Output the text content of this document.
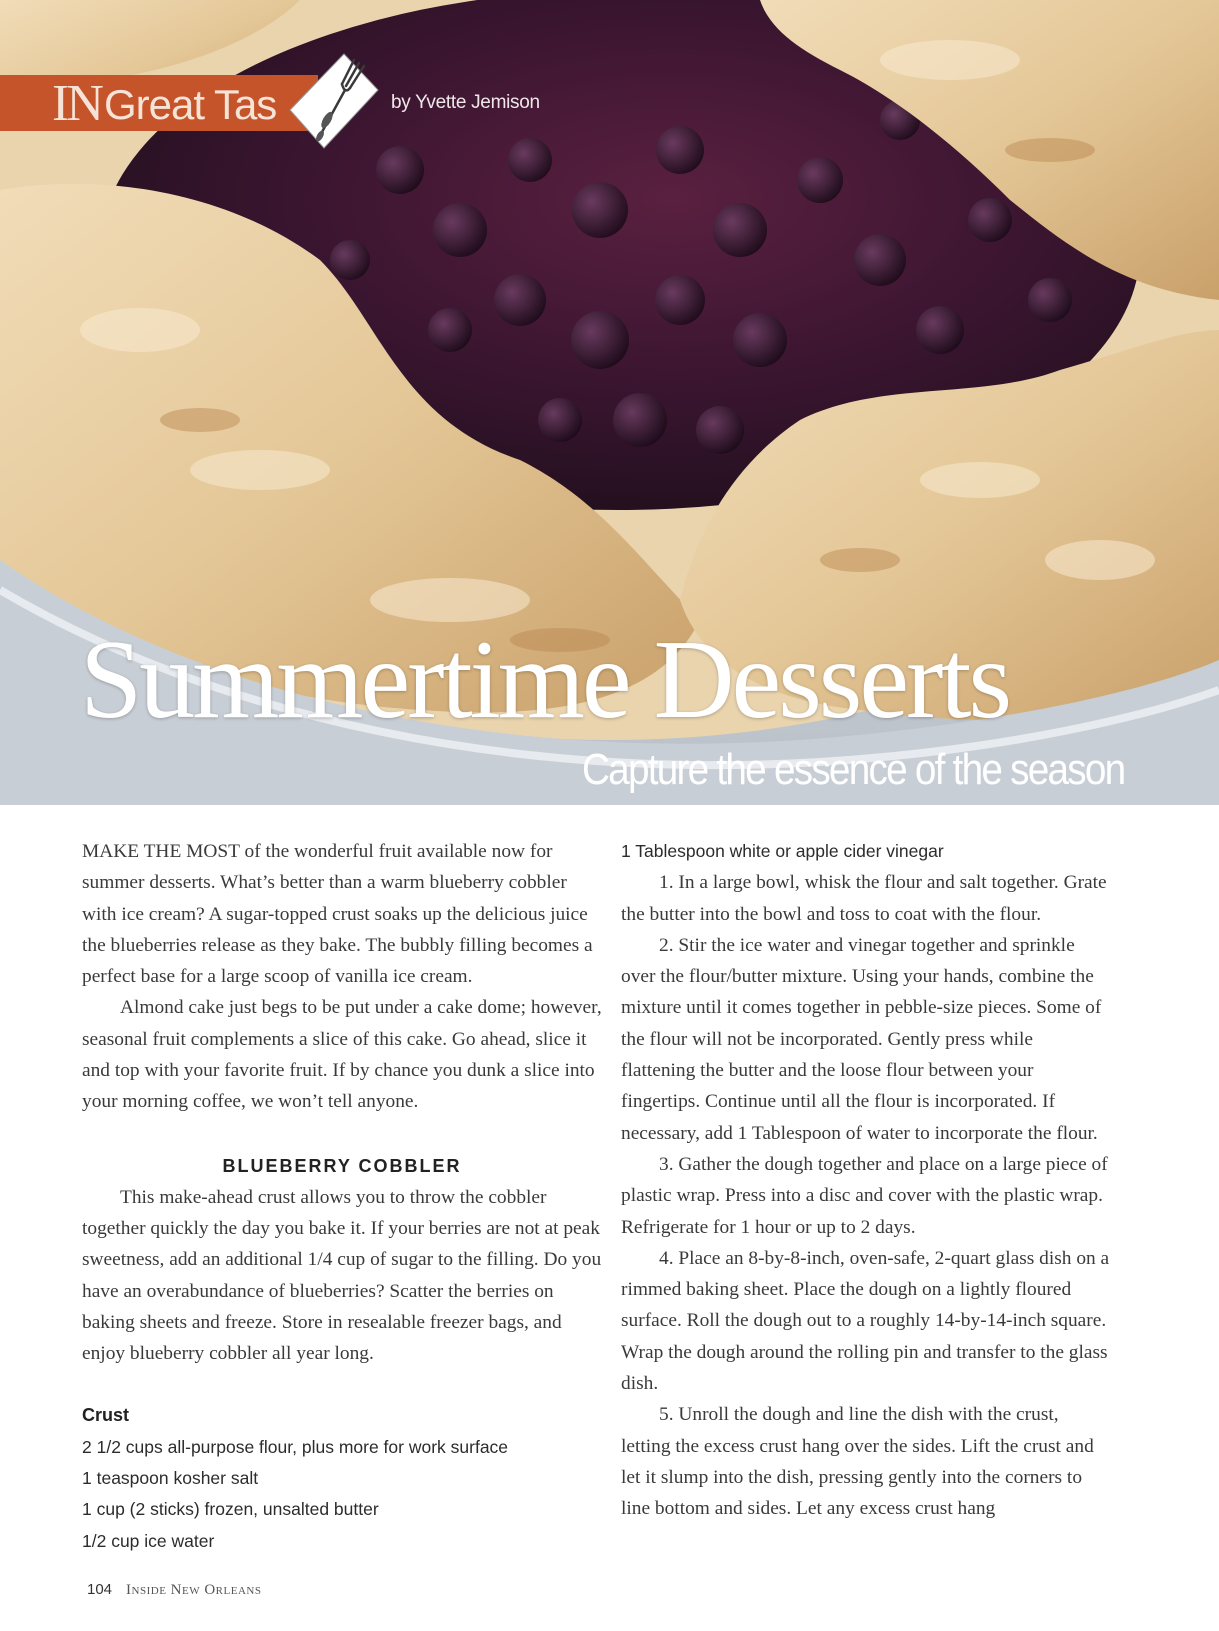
IN Great Tas	by Yvette Jemison
Summertime Desserts
Capture the essence of the season

MAKE THE MOST of the wonderful fruit available now for summer desserts. What’s better than a warm blueberry cobbler with ice cream? A sugar-topped crust soaks up the delicious juice the blueberries release as they bake. The bubbly filling becomes a perfect base for a large scoop of vanilla ice cream.

Almond cake just begs to be put under a cake dome; however, seasonal fruit complements a slice of this cake. Go ahead, slice it and top with your favorite fruit. If by chance you dunk a slice into your morning coffee, we won’t tell anyone.

BLUEBERRY COBBLER

This make-ahead crust allows you to throw the cobbler together quickly the day you bake it. If your berries are not at peak sweetness, add an additional 1/4 cup of sugar to the filling. Do you have an overabundance of blueberries? Scatter the berries on baking sheets and freeze. Store in resealable freezer bags, and enjoy blueberry cobbler all year long.

Crust
2 1/2 cups all-purpose flour, plus more for work surface
1 teaspoon kosher salt
1 cup (2 sticks) frozen, unsalted butter
1/2 cup ice water
1 Tablespoon white or apple cider vinegar

1. In a large bowl, whisk the flour and salt together. Grate the butter into the bowl and toss to coat with the flour.

2. Stir the ice water and vinegar together and sprinkle over the flour/butter mixture. Using your hands, combine the mixture until it comes together in pebble-size pieces. Some of the flour will not be incorporated. Gently press while flattening the butter and the loose flour between your fingertips. Continue until all the flour is incorporated. If necessary, add 1 Tablespoon of water to incorporate the flour.

3. Gather the dough together and place on a large piece of plastic wrap. Press into a disc and cover with the plastic wrap. Refrigerate for 1 hour or up to 2 days.

4. Place an 8-by-8-inch, oven-safe, 2-quart glass dish on a rimmed baking sheet. Place the dough on a lightly floured surface. Roll the dough out to a roughly 14-by-14-inch square. Wrap the dough around the rolling pin and transfer to the glass dish.

5. Unroll the dough and line the dish with the crust, letting the excess crust hang over the sides. Lift the crust and let it slump into the dish, pressing gently into the corners to line bottom and sides. Let any excess crust hang

104 Inside New Orleans
